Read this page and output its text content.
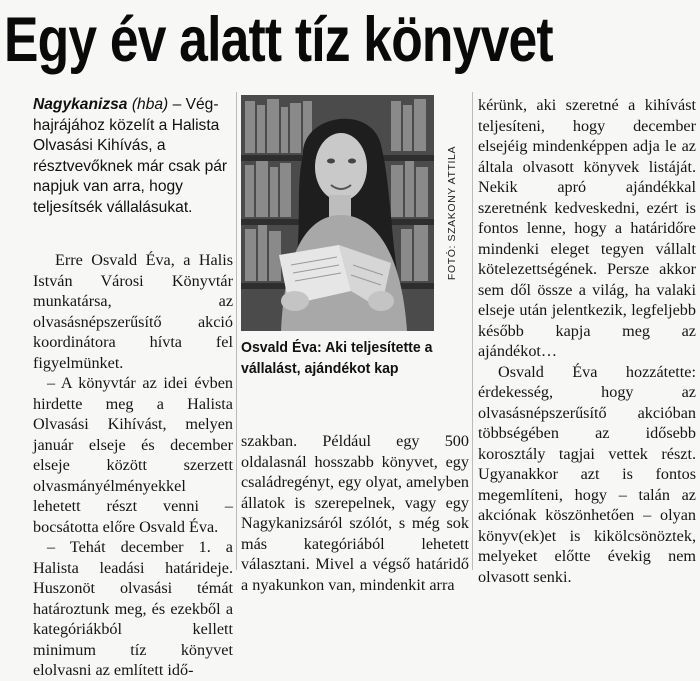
Egy év alatt tíz könyvet

Nagykanizsa (hba) – Véghajrájához közelít a Halista Olvasási Kihívás, a résztvevőknek már csak pár napjuk van arra, hogy teljesítsék vállalásukat.

Erre Osvald Éva, a Halis István Városi Könyvtár munkatársa, az olvasásnépszerűsítő akció koordinátora hívta fel figyelmünket.

– A könyvtár az idei évben hirdette meg a Halista Olvasási Kihívást, melyen január elseje és december elseje között szerzett olvasmányélményekkel lehetett részt venni – bocsátotta előre Osvald Éva.

– Tehát december 1. a Halista leadási határideje. Huszonöt olvasási témát határoztunk meg, és ezekből a kategóriákból kellett minimum tíz könyvet elolvasni az említett idő-

FOTÓ: SZAKONY ATTILA
Osvald Éva: Aki teljesítette a vállalást, ajándékot kap

szakban. Például egy 500 oldalasnál hosszabb könyvet, egy családregényt, egy olyat, amelyben állatok is szerepelnek, vagy egy Nagykanizsáról szólót, s még sok más kategóriából lehetett választani. Mivel a végső határidő a nyakunkon van, mindenkit arra

kérünk, aki szeretné a kihívást teljesíteni, hogy december elsejéig mindenképpen adja le az általa olvasott könyvek listáját. Nekik apró ajándékkal szeretnénk kedveskedni, ezért is fontos lenne, hogy a határidőre mindenki eleget tegyen vállalt kötelezettségének. Persze akkor sem dől össze a világ, ha valaki elseje után jelentkezik, legfeljebb később kapja meg az ajándékot…

Osvald Éva hozzátette: érdekesség, hogy az olvasásnépszerűsítő akcióban többségében az idősebb korosztály tagjai vettek részt. Ugyanakkor azt is fontos megemlíteni, hogy – talán az akciónak köszönhetően – olyan könyv(ek)et is kikölcsönöztek, melyeket előtte évekig nem olvasott senki.
